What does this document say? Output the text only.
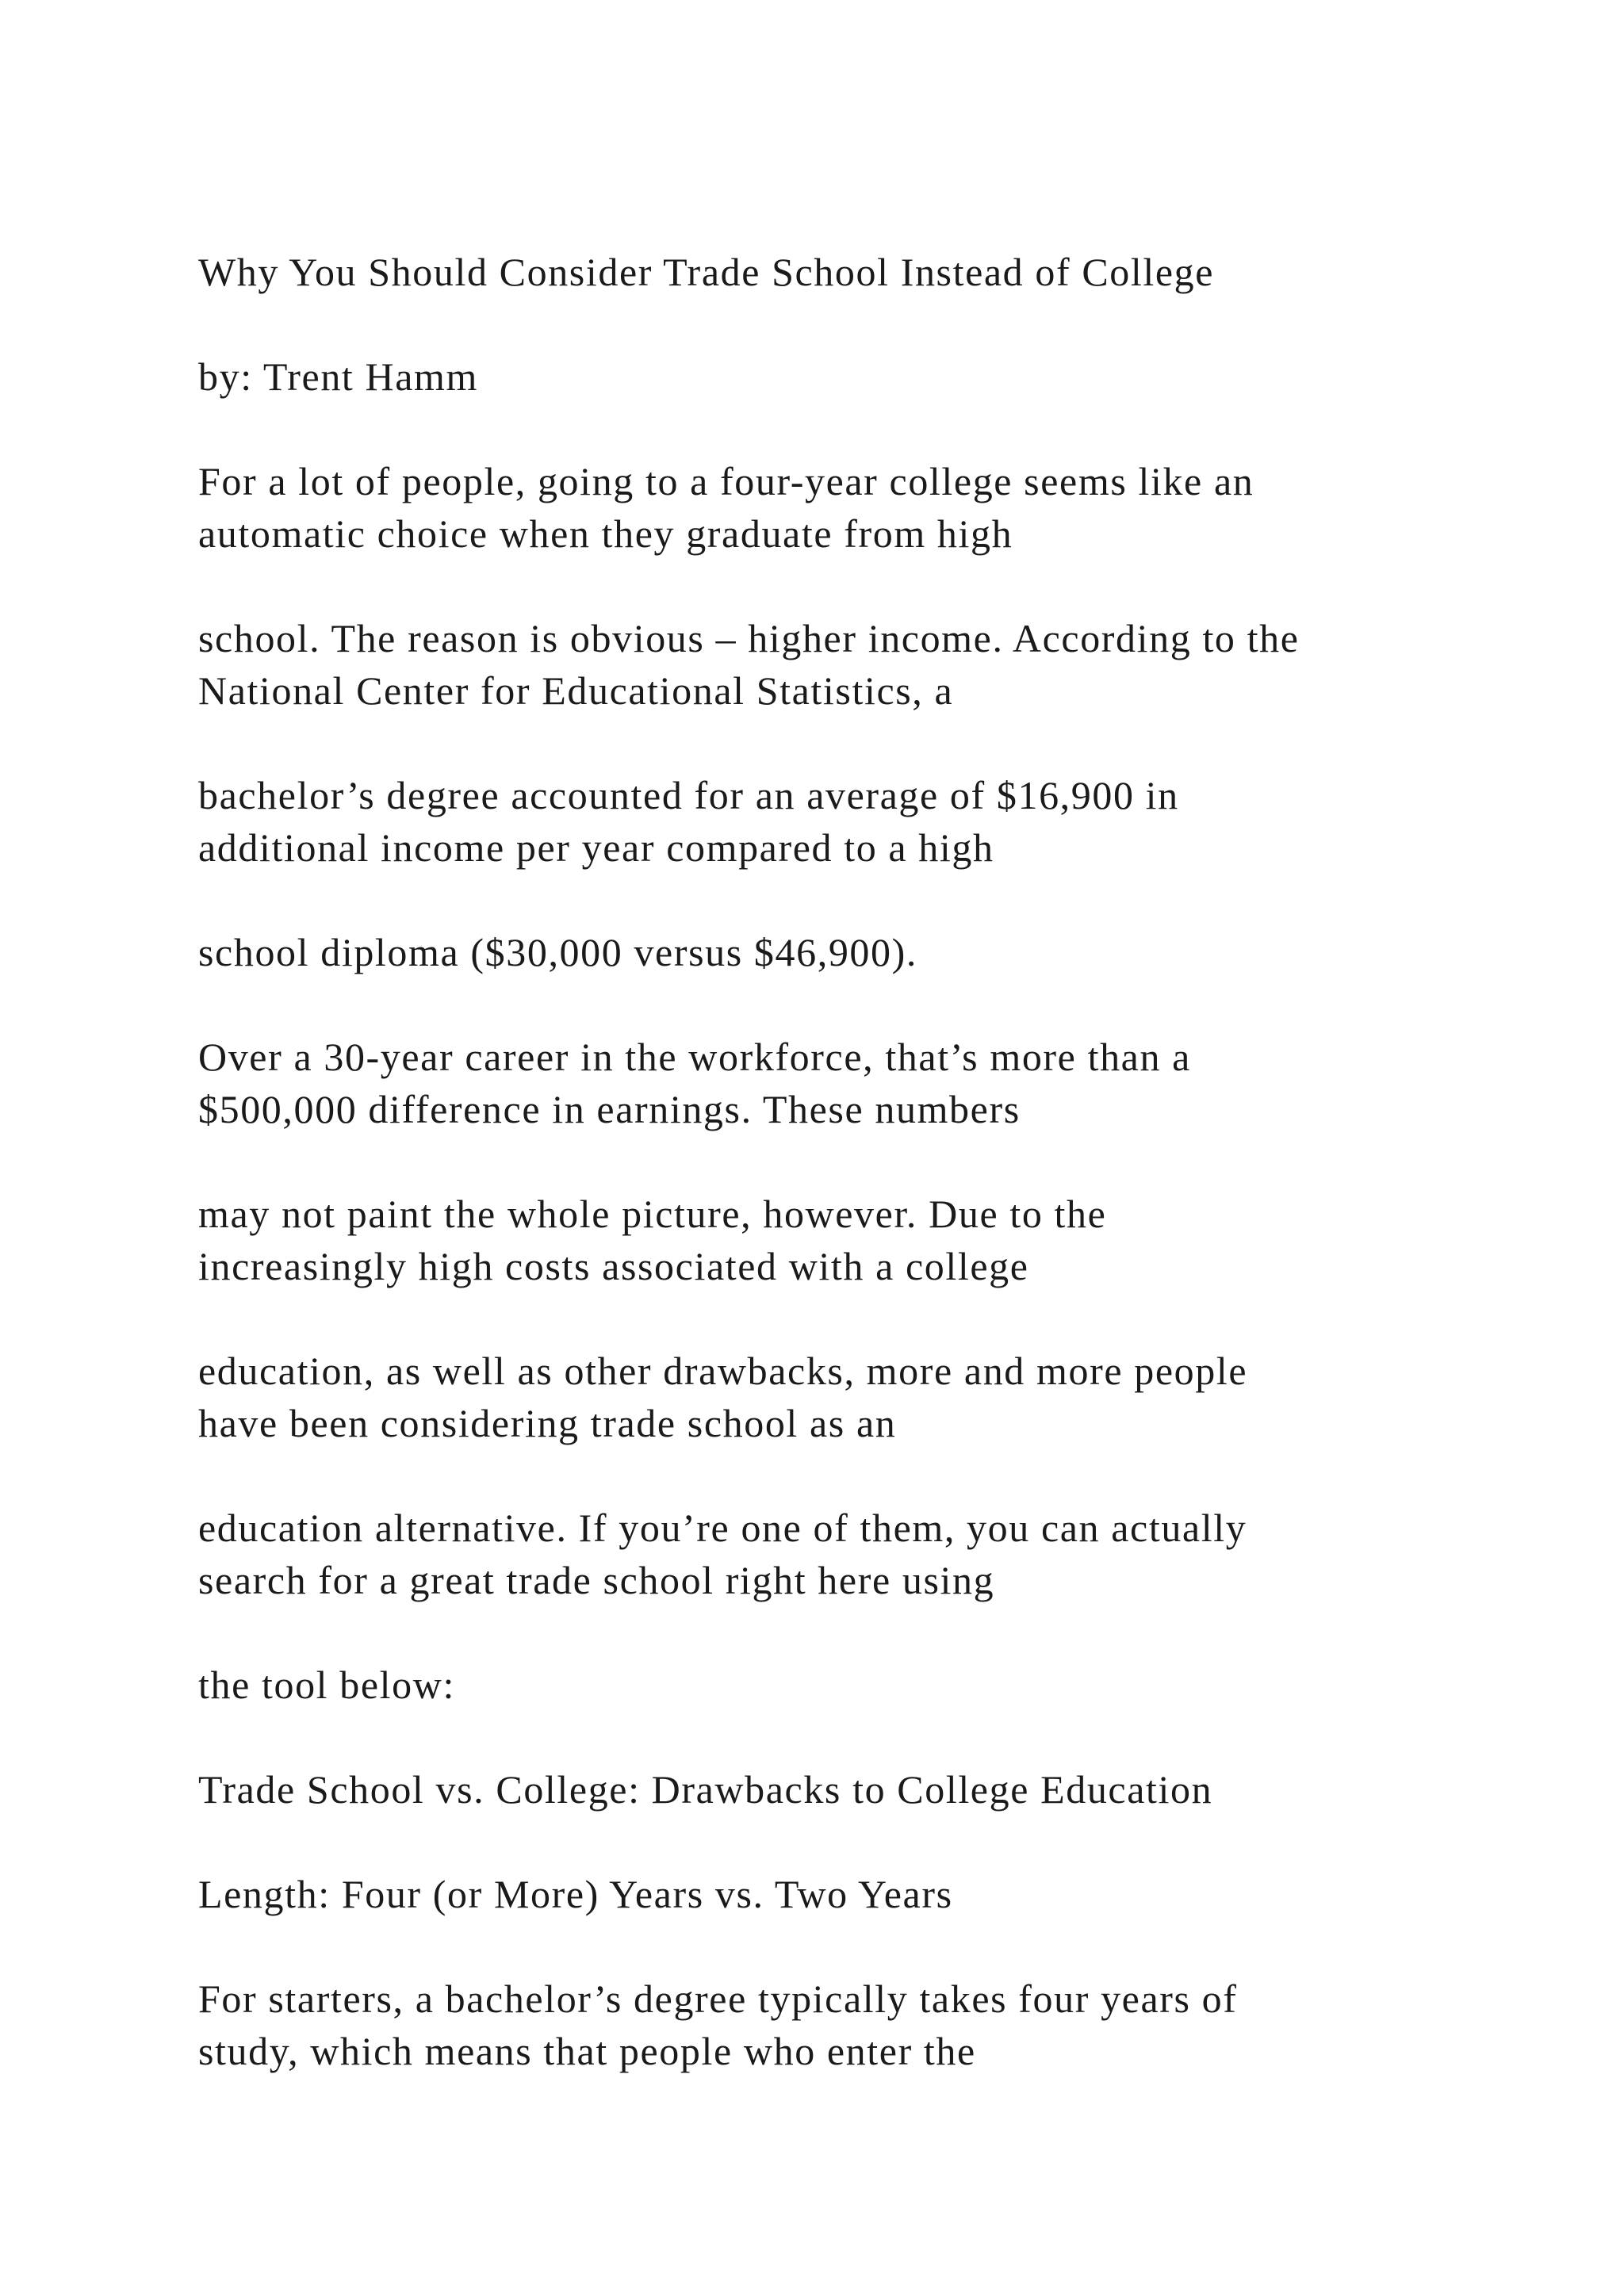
Why You Should Consider Trade School Instead of College

by: Trent Hamm

For a lot of people, going to a four-year college seems like an
automatic choice when they graduate from high

school. The reason is obvious – higher income. According to the
National Center for Educational Statistics, a

bachelor’s degree accounted for an average of $16,900 in
additional income per year compared to a high

school diploma ($30,000 versus $46,900).

Over a 30-year career in the workforce, that’s more than a
$500,000 difference in earnings. These numbers

may not paint the whole picture, however. Due to the
increasingly high costs associated with a college

education, as well as other drawbacks, more and more people
have been considering trade school as an

education alternative. If you’re one of them, you can actually
search for a great trade school right here using

the tool below:

Trade School vs. College: Drawbacks to College Education

Length: Four (or More) Years vs. Two Years

For starters, a bachelor’s degree typically takes four years of
study, which means that people who enter the
